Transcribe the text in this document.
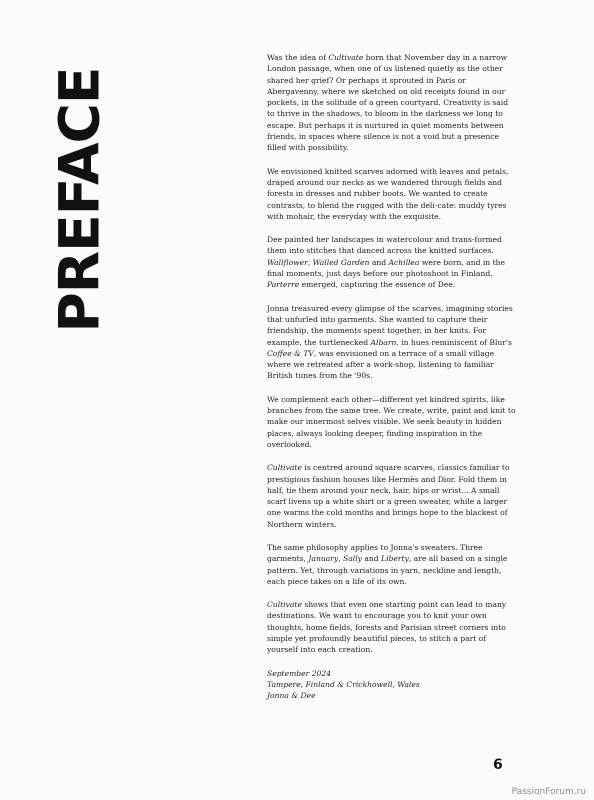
PREFACE

Was the idea of Cultivate born that November day in a narrow London passage, when one of us listened quietly as the other shared her grief? Or perhaps it sprouted in Paris or Abergavenny, where we sketched on old receipts found in our pockets, in the solitude of a green courtyard. Creativity is said to thrive in the shadows, to bloom in the darkness we long to escape. But perhaps it is nurtured in quiet moments between friends, in spaces where silence is not a void but a presence filled with possibility.

We envisioned knitted scarves adorned with leaves and petals, draped around our necks as we wandered through fields and forests in dresses and rubber boots. We wanted to create contrasts, to blend the rugged with the deli-cate: muddy tyres with mohair, the everyday with the exquisite.

Dee painted her landscapes in watercolour and trans-formed them into stitches that danced across the knitted surfaces. Wallflower, Walled Garden and Achillea were born, and in the final moments, just days before our photoshoot in Finland, Parterre emerged, capturing the essence of Dee.

Jonna treasured every glimpse of the scarves, imagining stories that unfurled into garments. She wanted to capture their friendship, the moments spent together, in her knits. For example, the turtlenecked Albarn, in hues reminiscent of Blur's Coffee & TV, was envisioned on a terrace of a small village where we retreated after a work-shop, listening to familiar British tunes from the '90s.

We complement each other—different yet kindred spirits, like branches from the same tree. We create, write, paint and knit to make our innermost selves visible. We seek beauty in hidden places, always looking deeper, finding inspiration in the overlooked.

Cultivate is centred around square scarves, classics familiar to prestigious fashion houses like Hermès and Dior. Fold them in half, tie them around your neck, hair, hips or wrist... A small scarf livens up a white shirt or a green sweater, while a larger one warms the cold months and brings hope to the blackest of Northern winters.

The same philosophy applies to Jonna's sweaters. Three garments, January, Sally and Liberty, are all based on a single pattern. Yet, through variations in yarn, neckline and length, each piece takes on a life of its own.

Cultivate shows that even one starting point can lead to many destinations. We want to encourage you to knit your own thoughts, home fields, forests and Parisian street corners into simple yet profoundly beautiful pieces, to stitch a part of yourself into each creation.

September 2024
Tampere, Finland & Crickhowell, Wales
Jonna & Dee
6
PassionForum.ru
